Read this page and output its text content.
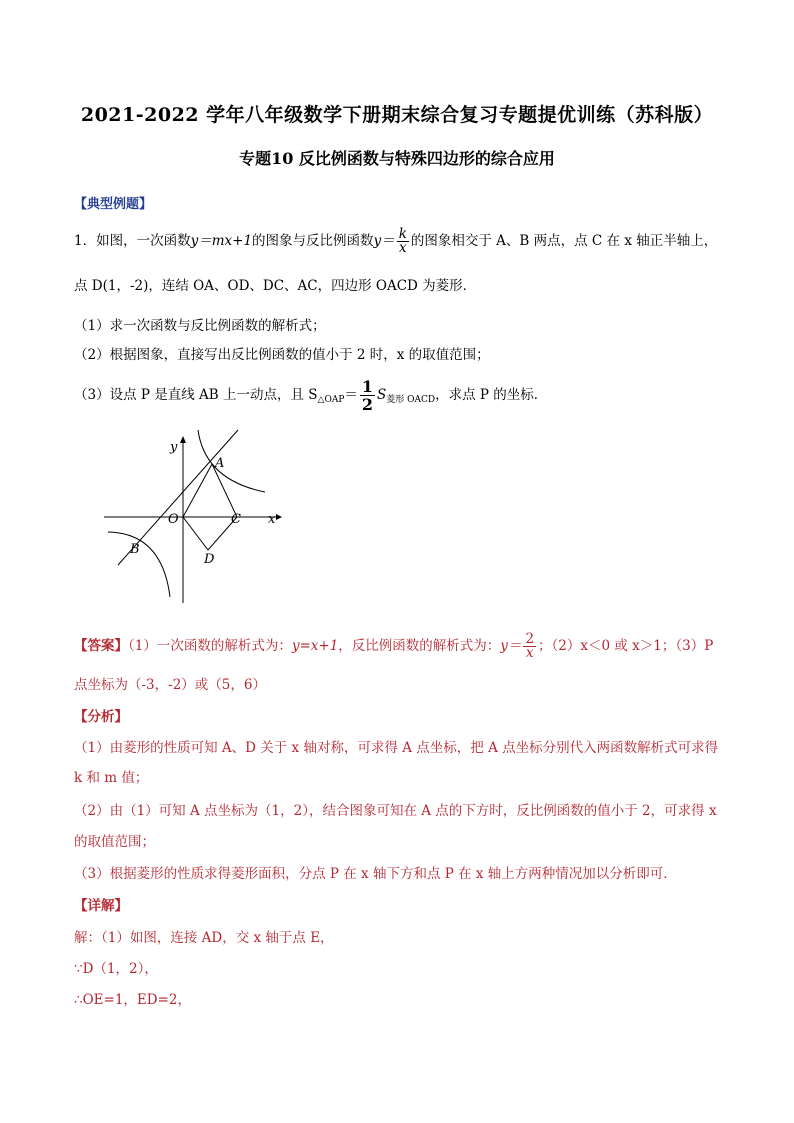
2021-2022 学年八年级数学下册期末综合复习专题提优训练（苏科版）
专题10 反比例函数与特殊四边形的综合应用
【典型例题】
1．如图，一次函数y＝mx+1的图象与反比例函数$y= \frac{k}{x}$ 的图象相交于 A、B 两点，点 C 在 x 轴正半轴上，
点 D(1，-2)，连结 OA、OD、DC、AC，四边形 OACD 为菱形．
（1）求一次函数与反比例函数的解析式；
（2）根据图象，直接写出反比例函数的值小于 2 时，x 的取值范围；
（3）设点 P 是直线 AB 上一动点，且 $S_{\triangle OAP}= \frac{1}{2} S_{菱形 OACD}$，求点 P 的坐标．
y
x
O
A
B
C
D
【答案】（1）一次函数的解析式为：y=x+1，反比例函数的解析式为：$y= \frac{2}{x}$ ；（2）x＜0 或 x＞1；（3）P
点坐标为（-3，-2）或（5，6）
【分析】
（1）由菱形的性质可知 A、D 关于 x 轴对称，可求得 A 点坐标，把 A 点坐标分别代入两函数解析式可求得
k 和 m 值；
（2）由（1）可知 A 点坐标为（1，2），结合图象可知在 A 点的下方时，反比例函数的值小于 2，可求得 x
的取值范围；
（3）根据菱形的性质求得菱形面积，分点 P 在 x 轴下方和点 P 在 x 轴上方两种情况加以分析即可．
【详解】
解：（1）如图，连接 AD，交 x 轴于点 E，
∵D（1，2），
∴OE=1，ED=2，
